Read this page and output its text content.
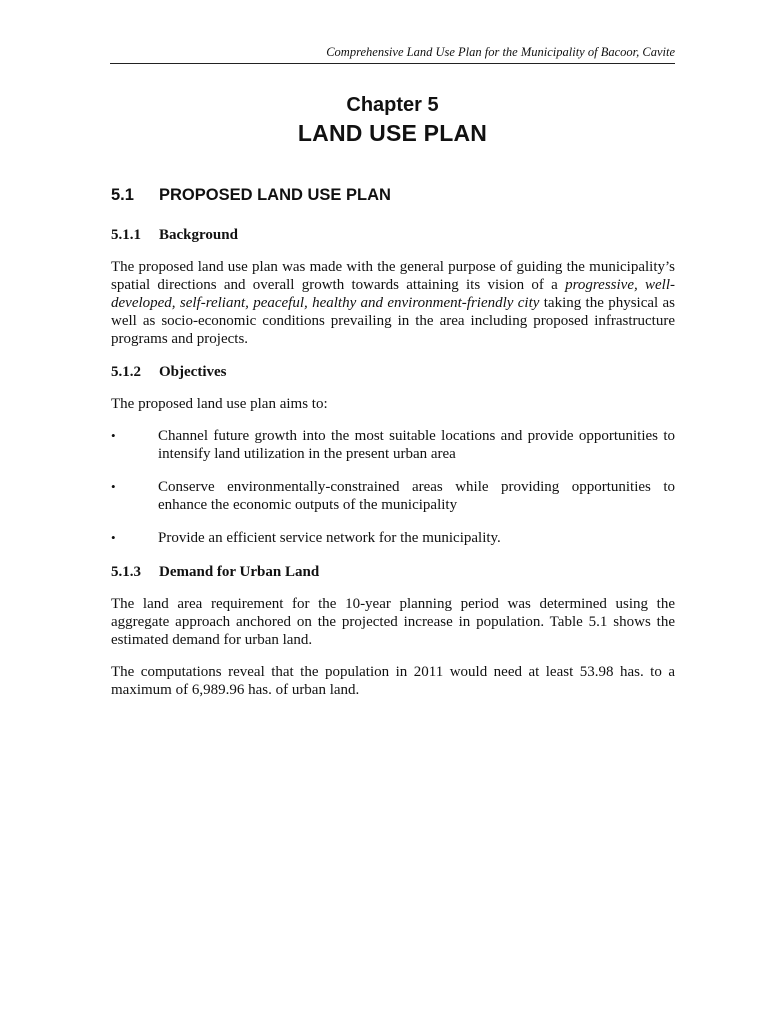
Comprehensive Land Use Plan for the Municipality of Bacoor, Cavite
Chapter 5
LAND USE PLAN
5.1	PROPOSED LAND USE PLAN
5.1.1	Background

The proposed land use plan was made with the general purpose of guiding the municipality’s spatial directions and overall growth towards attaining its vision of a progressive, well-developed, self-reliant, peaceful, healthy and environment-friendly city taking the physical as well as socio-economic conditions prevailing in the area including proposed infrastructure programs and projects.

5.1.2	Objectives

The proposed land use plan aims to:

•	Channel future growth into the most suitable locations and provide opportunities to intensify land utilization in the present urban area
•	Conserve environmentally-constrained areas while providing opportunities to enhance the economic outputs of the municipality
•	Provide an efficient service network for the municipality.
5.1.3	Demand for Urban Land

The land area requirement for the 10-year planning period was determined using the aggregate approach anchored on the projected increase in population. Table 5.1 shows the estimated demand for urban land.

The computations reveal that the population in 2011 would need at least 53.98 has. to a maximum of 6,989.96 has. of urban land.
